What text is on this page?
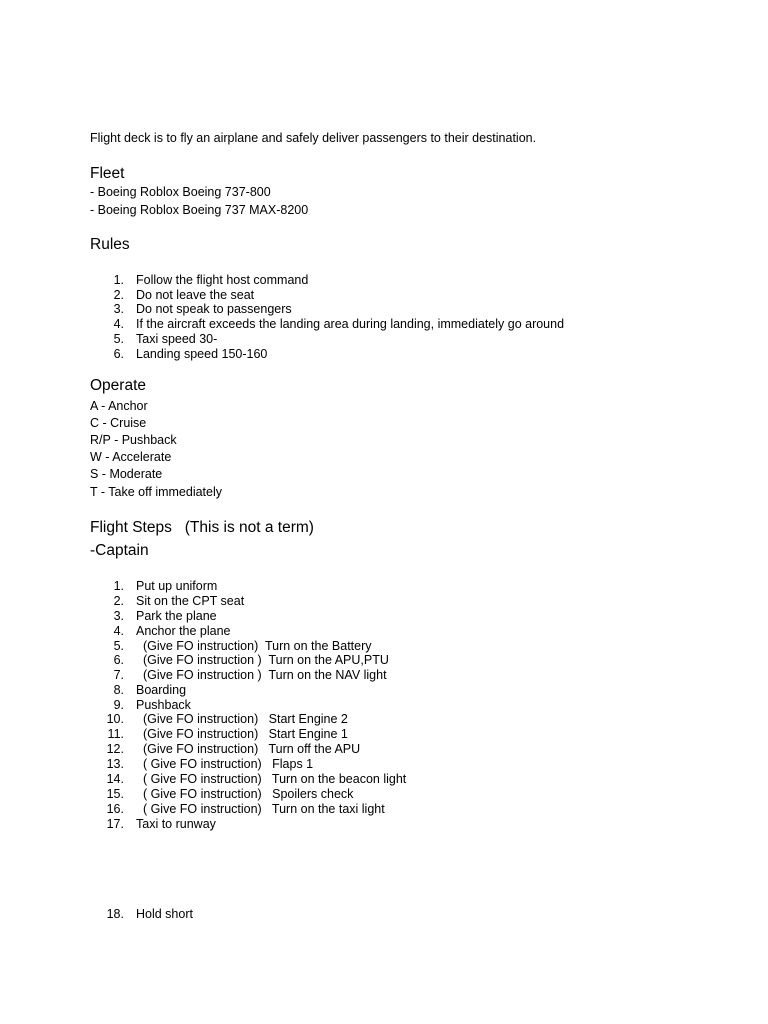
Flight deck is to fly an airplane and safely deliver passengers to their destination.
Fleet
- Boeing Roblox Boeing 737-800
- Boeing Roblox Boeing 737 MAX-8200
Rules
1. Follow the flight host command
2. Do not leave the seat
3. Do not speak to passengers
4. If the aircraft exceeds the landing area during landing, immediately go around
5. Taxi speed 30-
6. Landing speed 150-160
Operate
A - Anchor
C - Cruise
R/P - Pushback
W - Accelerate
S - Moderate
T - Take off immediately
Flight Steps   (This is not a term)
-Captain
1. Put up uniform
2. Sit on the CPT seat
3. Park the plane
4. Anchor the plane
5. (Give FO instruction)  Turn on the Battery
6. (Give FO instruction )  Turn on the APU,PTU
7. (Give FO instruction )  Turn on the NAV light
8. Boarding
9. Pushback
10. (Give FO instruction)   Start Engine 2
11. (Give FO instruction)   Start Engine 1
12. (Give FO instruction)   Turn off the APU
13. ( Give FO instruction)   Flaps 1
14. ( Give FO instruction)   Turn on the beacon light
15. ( Give FO instruction)   Spoilers check
16. ( Give FO instruction)   Turn on the taxi light
17. Taxi to runway
18. Hold short
